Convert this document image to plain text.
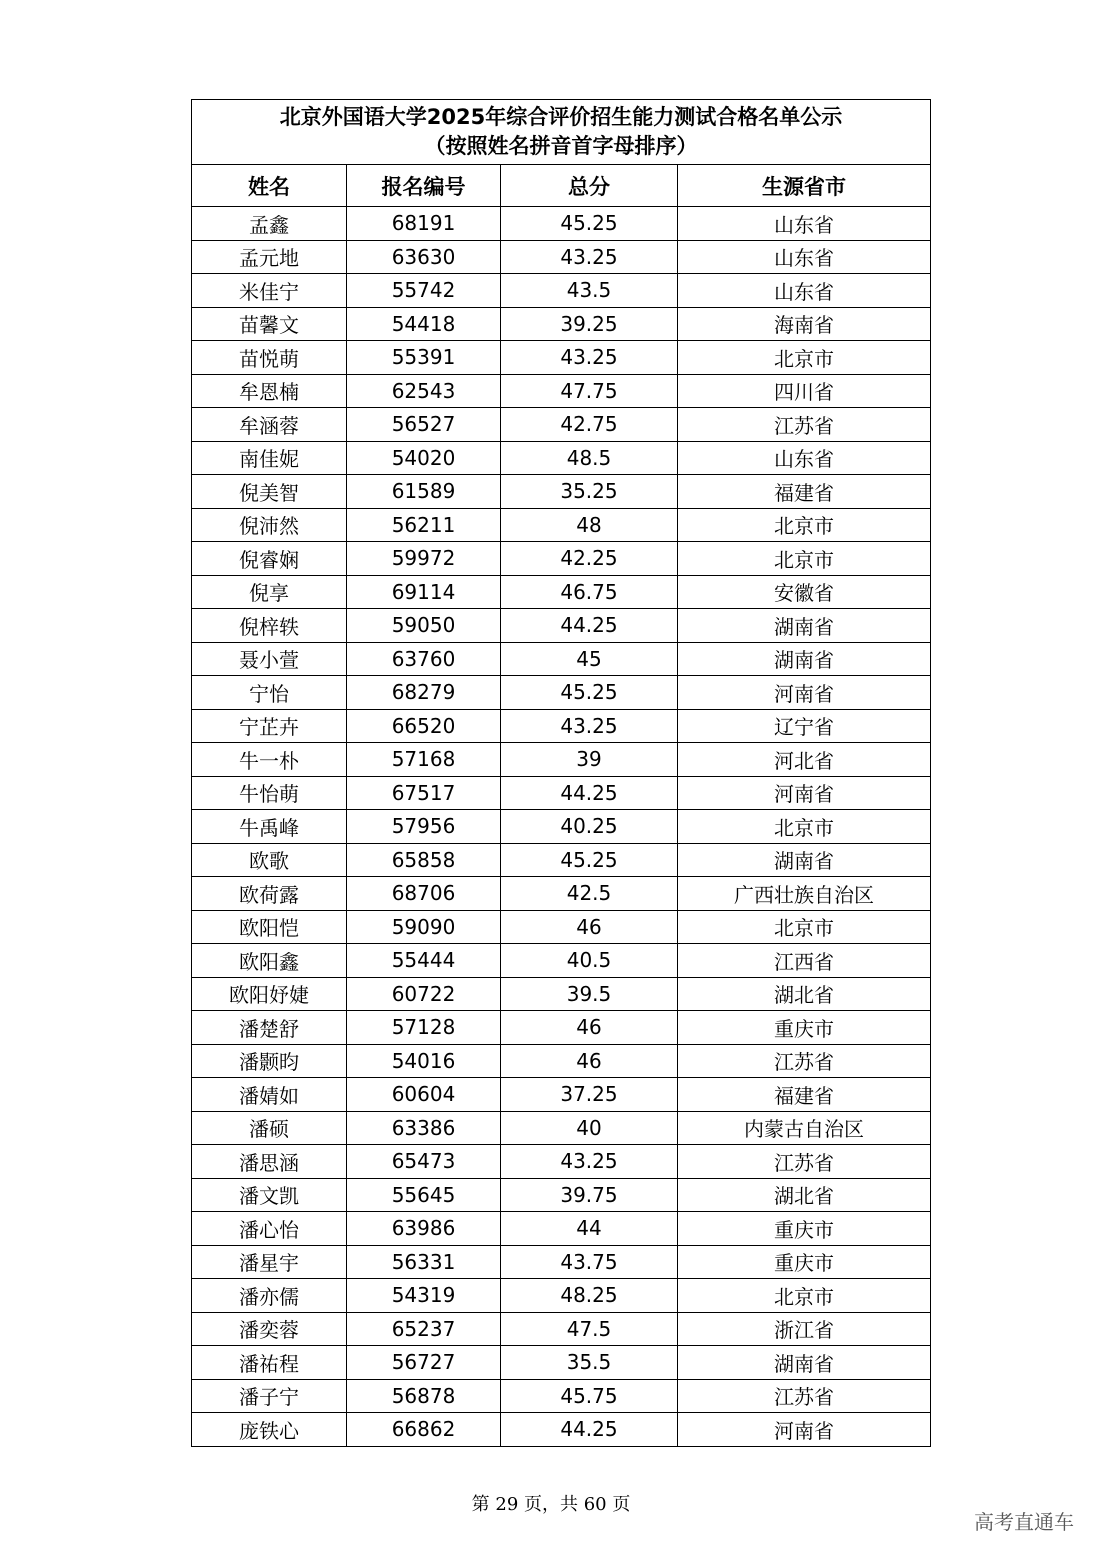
北京外国语大学2025年综合评价招生能力测试合格名单公示
（按照姓名拼音首字母排序）			

姓名	报名编号	总分	生源省市
孟鑫	68191	45.25	山东省
孟元地	63630	43.25	山东省
米佳宁	55742	43.5	山东省
苗馨文	54418	39.25	海南省
苗悦萌	55391	43.25	北京市
牟恩楠	62543	47.75	四川省
牟涵蓉	56527	42.75	江苏省
南佳妮	54020	48.5	山东省
倪美智	61589	35.25	福建省
倪沛然	56211	48	北京市
倪睿娴	59972	42.25	北京市
倪享	69114	46.75	安徽省
倪梓轶	59050	44.25	湖南省
聂小萱	63760	45	湖南省
宁怡	68279	45.25	河南省
宁芷卉	66520	43.25	辽宁省
牛一朴	57168	39	河北省
牛怡萌	67517	44.25	河南省
牛禹峰	57956	40.25	北京市
欧歌	65858	45.25	湖南省
欧荷露	68706	42.5	广西壮族自治区
欧阳恺	59090	46	北京市
欧阳鑫	55444	40.5	江西省
欧阳妤婕	60722	39.5	湖北省
潘楚舒	57128	46	重庆市
潘颢昀	54016	46	江苏省
潘婧如	60604	37.25	福建省
潘硕	63386	40	内蒙古自治区
潘思涵	65473	43.25	江苏省
潘文凯	55645	39.75	湖北省
潘心怡	63986	44	重庆市
潘星宇	56331	43.75	重庆市
潘亦儒	54319	48.25	北京市
潘奕蓉	65237	47.5	浙江省
潘祐程	56727	35.5	湖南省
潘子宁	56878	45.75	江苏省
庞铁心	66862	44.25	河南省
第 29 页，共 60 页
高考直通车
